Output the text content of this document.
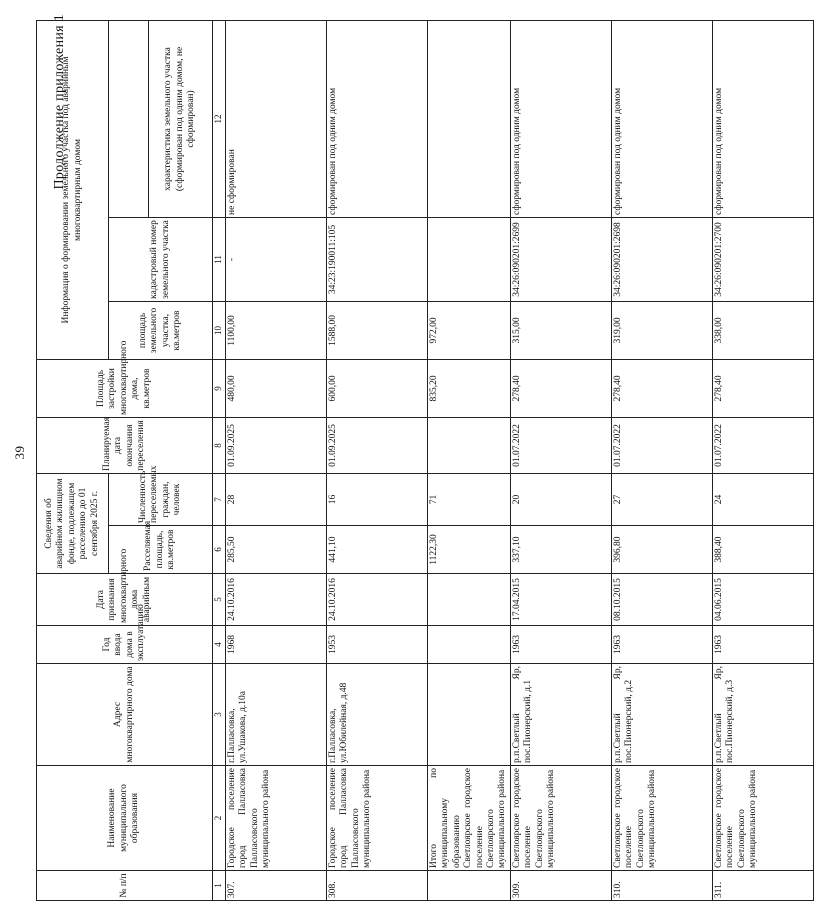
39
Продолжение приложения 1
№ п/п	Наименование муниципального образования	Адрес многоквартирного дома	Год ввода дома в эксплуатацию	Дата признания многоквартирного дома аварийным	Сведения об аварийном жилищном фонде, подлежащем расселению до 01 сентября 2025 г.		Планируемая дата окончания переселения	Площадь застройки многоквартирного дома, кв.метров	Информация о формировании земельного участка под аварийным многоквартирным домом		
					Расселяемая площадь, кв.метров	Численность переселяемых граждан, человек			площадь земельного участка, кв.метров	кадастровый номер земельного участка	
											характеристика земельного участка (сформирован под одним домом, не сформирован)
1	2	3	4	5	6	7	8	9	10	11	12
307.	Городское поселение город Палласовка Палласовского муниципального района	г.Палласовка, ул.Ушакова, д.10а	1968	24.10.2016	285,50	28	01.09.2025	480,00	1100,00	-	не сформирован
308.	Городское поселение город Палласовка Палласовского муниципального района	г.Палласовка, ул.Юбилейная, д.48	1953	24.10.2016	441,10	16	01.09.2025	600,00	1588,00	34:23:190011:105	сформирован под одним домом
	Итого по муниципальному образованию Светлоярское городское поселение Светлоярского муниципального района				1122,30	71		835,20	972,00		
309.	Светлоярское городское поселение Светлоярского муниципального района	р.п.Светлый Яр, пос.Пионерский, д.1	1963	17.04.2015	337,10	20	01.07.2022	278,40	315,00	34:26:090201:2699	сформирован под одним домом
310.	Светлоярское городское поселение Светлоярского муниципального района	р.п.Светлый Яр, пос.Пионерский, д.2	1963	08.10.2015	396,80	27	01.07.2022	278,40	319,00	34:26:090201:2698	сформирован под одним домом
311.	Светлоярское городское поселение Светлоярского муниципального района	р.п.Светлый Яр, пос.Пионерский, д.3	1963	04.06.2015	388,40	24	01.07.2022	278,40	338,00	34:26:090201:2700	сформирован под одним домом
